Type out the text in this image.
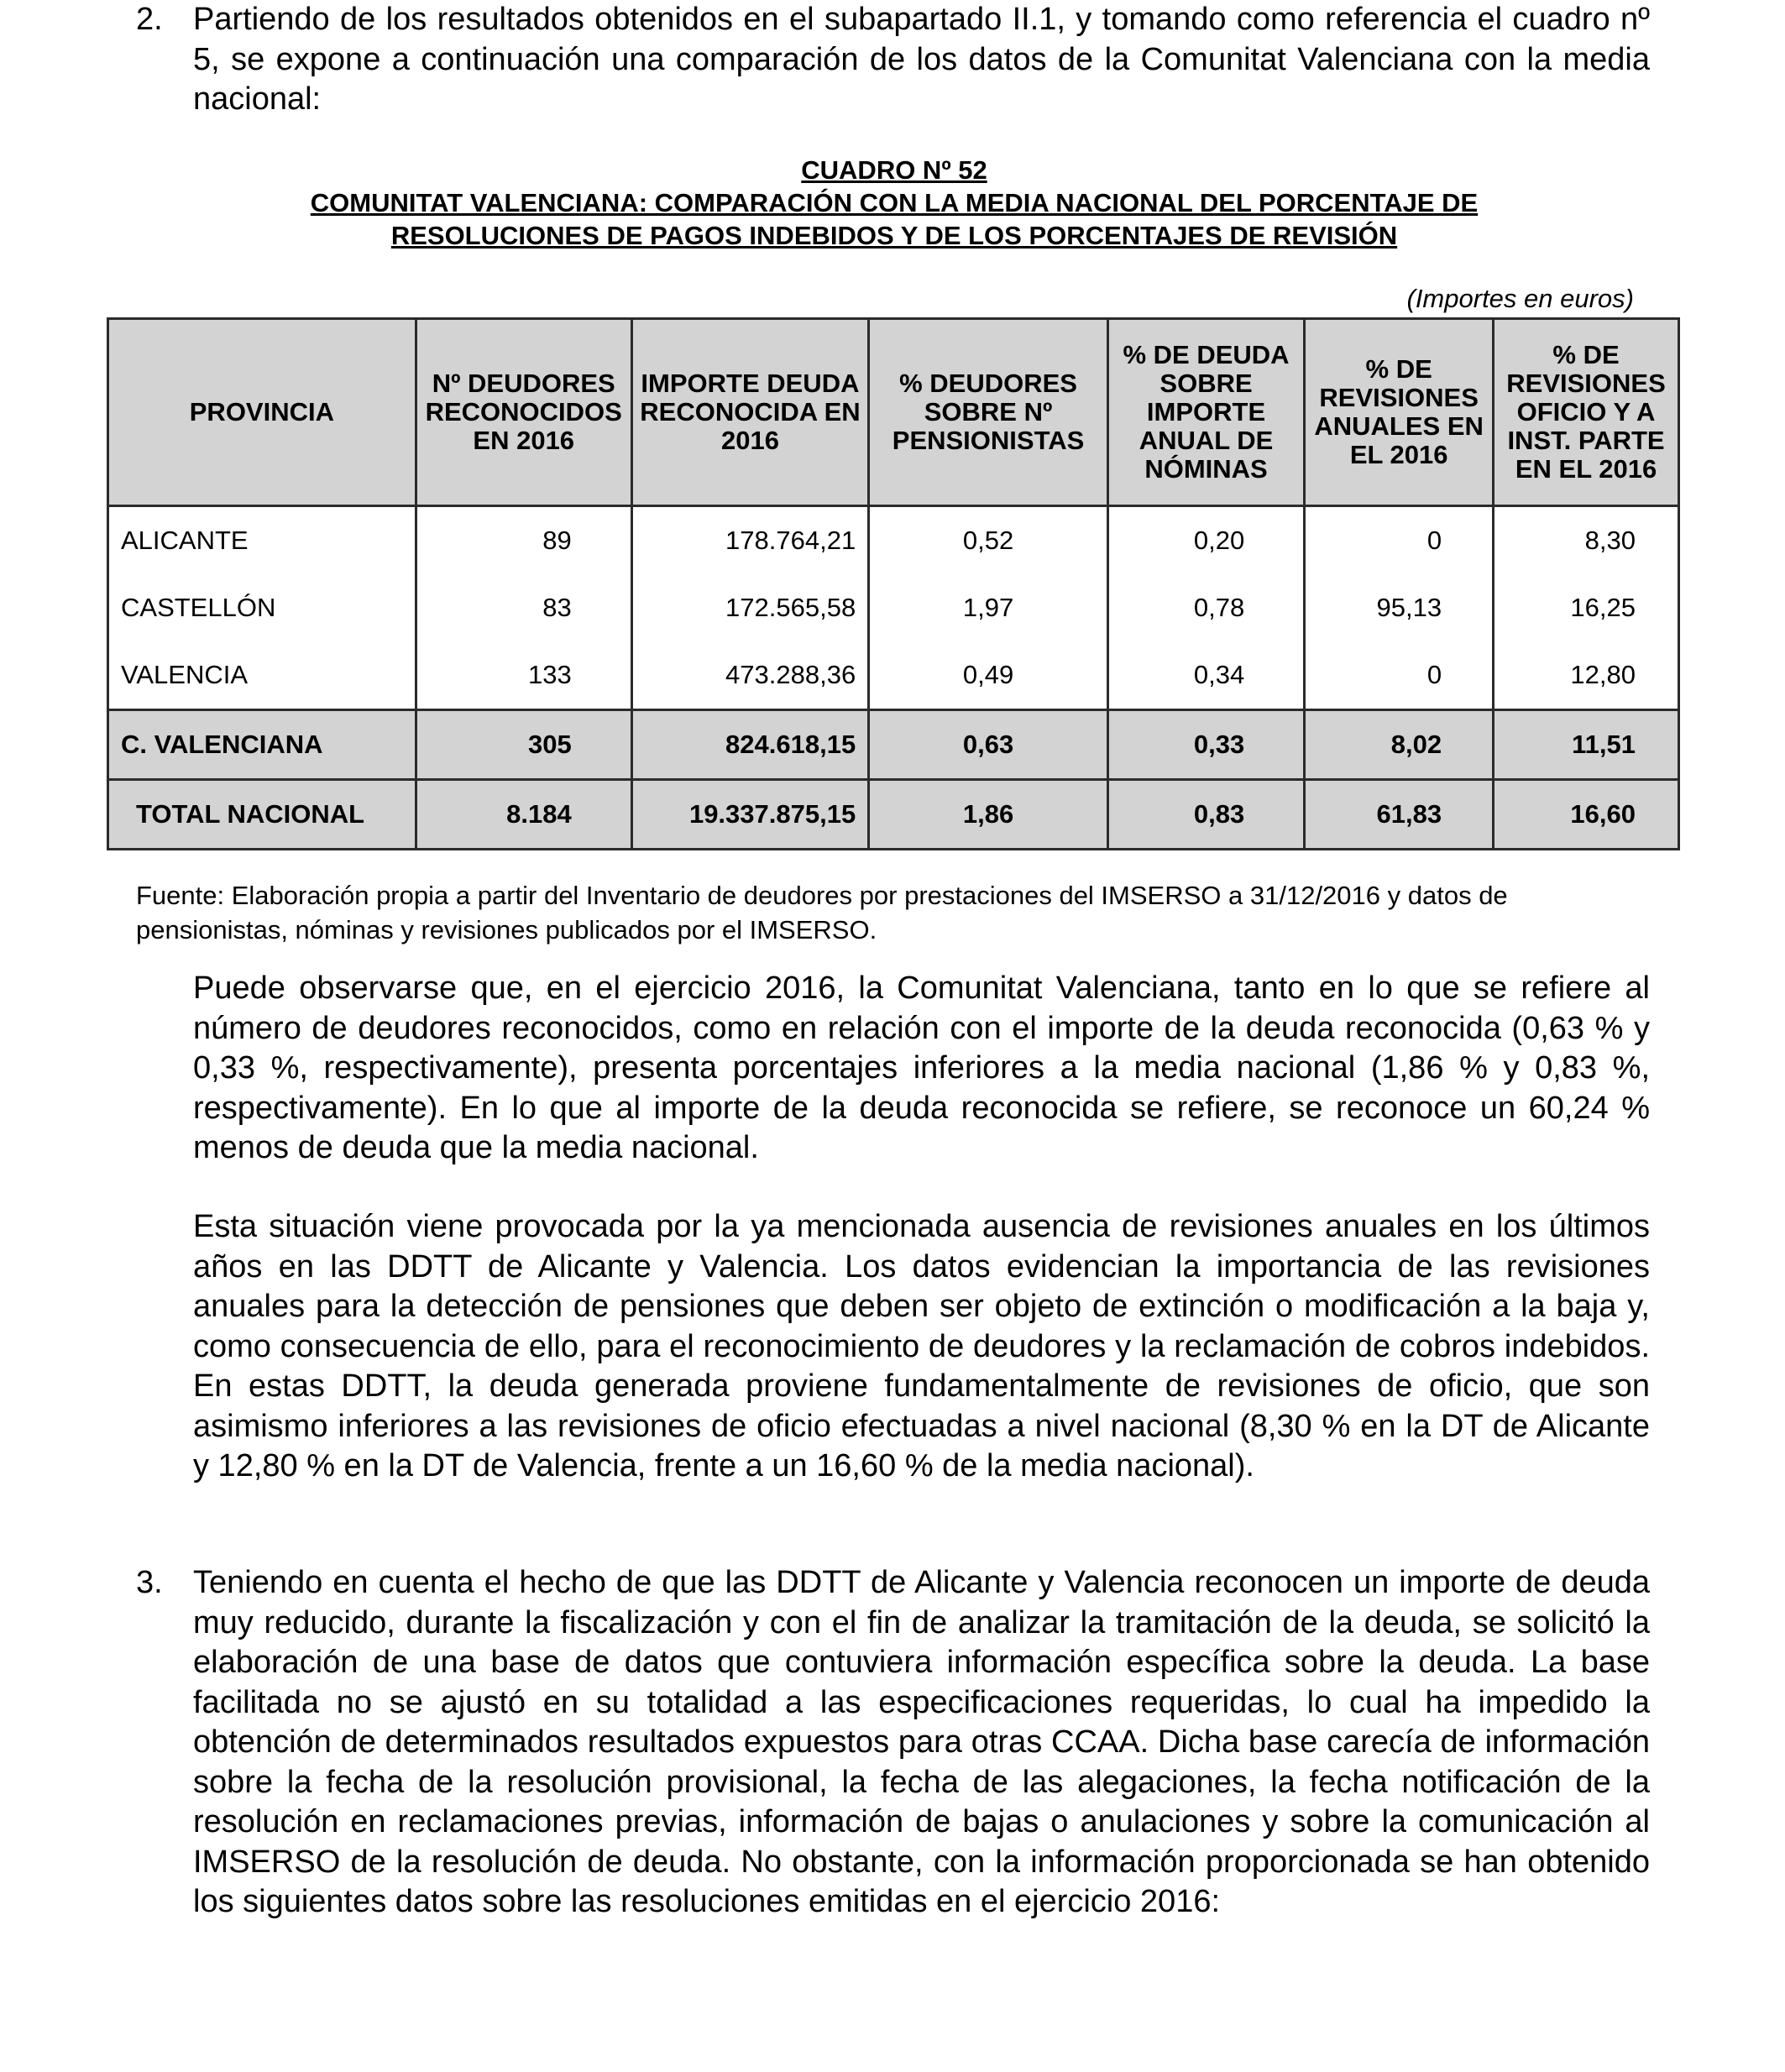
2. Partiendo de los resultados obtenidos en el subapartado II.1, y tomando como referencia el cuadro nº 5, se expone a continuación una comparación de los datos de la Comunitat Valenciana con la media nacional:

CUADRO Nº 52
COMUNITAT VALENCIANA: COMPARACIÓN CON LA MEDIA NACIONAL DEL PORCENTAJE DE
RESOLUCIONES DE PAGOS INDEBIDOS Y DE LOS PORCENTAJES DE REVISIÓN
(Importes en euros)
PROVINCIA	Nº DEUDORES RECONOCIDOS EN 2016	IMPORTE DEUDA RECONOCIDA EN 2016	% DEUDORES SOBRE Nº PENSIONISTAS	% DE DEUDA SOBRE IMPORTE ANUAL DE NÓMINAS	% DE REVISIONES ANUALES EN EL 2016	% DE REVISIONES OFICIO Y A INST. PARTE EN EL 2016
ALICANTE	89	178.764,21	0,52	0,20	0	8,30
CASTELLÓN	83	172.565,58	1,97	0,78	95,13	16,25
VALENCIA	133	473.288,36	0,49	0,34	0	12,80
C. VALENCIANA	305	824.618,15	0,63	0,33	8,02	11,51
TOTAL NACIONAL	8.184	19.337.875,15	1,86	0,83	61,83	16,60

Fuente: Elaboración propia a partir del Inventario de deudores por prestaciones del IMSERSO a 31/12/2016 y datos de pensionistas, nóminas y revisiones publicados por el IMSERSO.

Puede observarse que, en el ejercicio 2016, la Comunitat Valenciana, tanto en lo que se refiere al número de deudores reconocidos, como en relación con el importe de la deuda reconocida (0,63 % y 0,33 %, respectivamente), presenta porcentajes inferiores a la media nacional (1,86 % y 0,83 %, respectivamente). En lo que al importe de la deuda reconocida se refiere, se reconoce un 60,24 % menos de deuda que la media nacional.

Esta situación viene provocada por la ya mencionada ausencia de revisiones anuales en los últimos años en las DDTT de Alicante y Valencia. Los datos evidencian la importancia de las revisiones anuales para la detección de pensiones que deben ser objeto de extinción o modificación a la baja y, como consecuencia de ello, para el reconocimiento de deudores y la reclamación de cobros indebidos. En estas DDTT, la deuda generada proviene fundamentalmente de revisiones de oficio, que son asimismo inferiores a las revisiones de oficio efectuadas a nivel nacional (8,30 % en la DT de Alicante y 12,80 % en la DT de Valencia, frente a un 16,60 % de la media nacional).

3. Teniendo en cuenta el hecho de que las DDTT de Alicante y Valencia reconocen un importe de deuda muy reducido, durante la fiscalización y con el fin de analizar la tramitación de la deuda, se solicitó la elaboración de una base de datos que contuviera información específica sobre la deuda. La base facilitada no se ajustó en su totalidad a las especificaciones requeridas, lo cual ha impedido la obtención de determinados resultados expuestos para otras CCAA. Dicha base carecía de información sobre la fecha de la resolución provisional, la fecha de las alegaciones, la fecha notificación de la resolución en reclamaciones previas, información de bajas o anulaciones y sobre la comunicación al IMSERSO de la resolución de deuda. No obstante, con la información proporcionada se han obtenido los siguientes datos sobre las resoluciones emitidas en el ejercicio 2016:
